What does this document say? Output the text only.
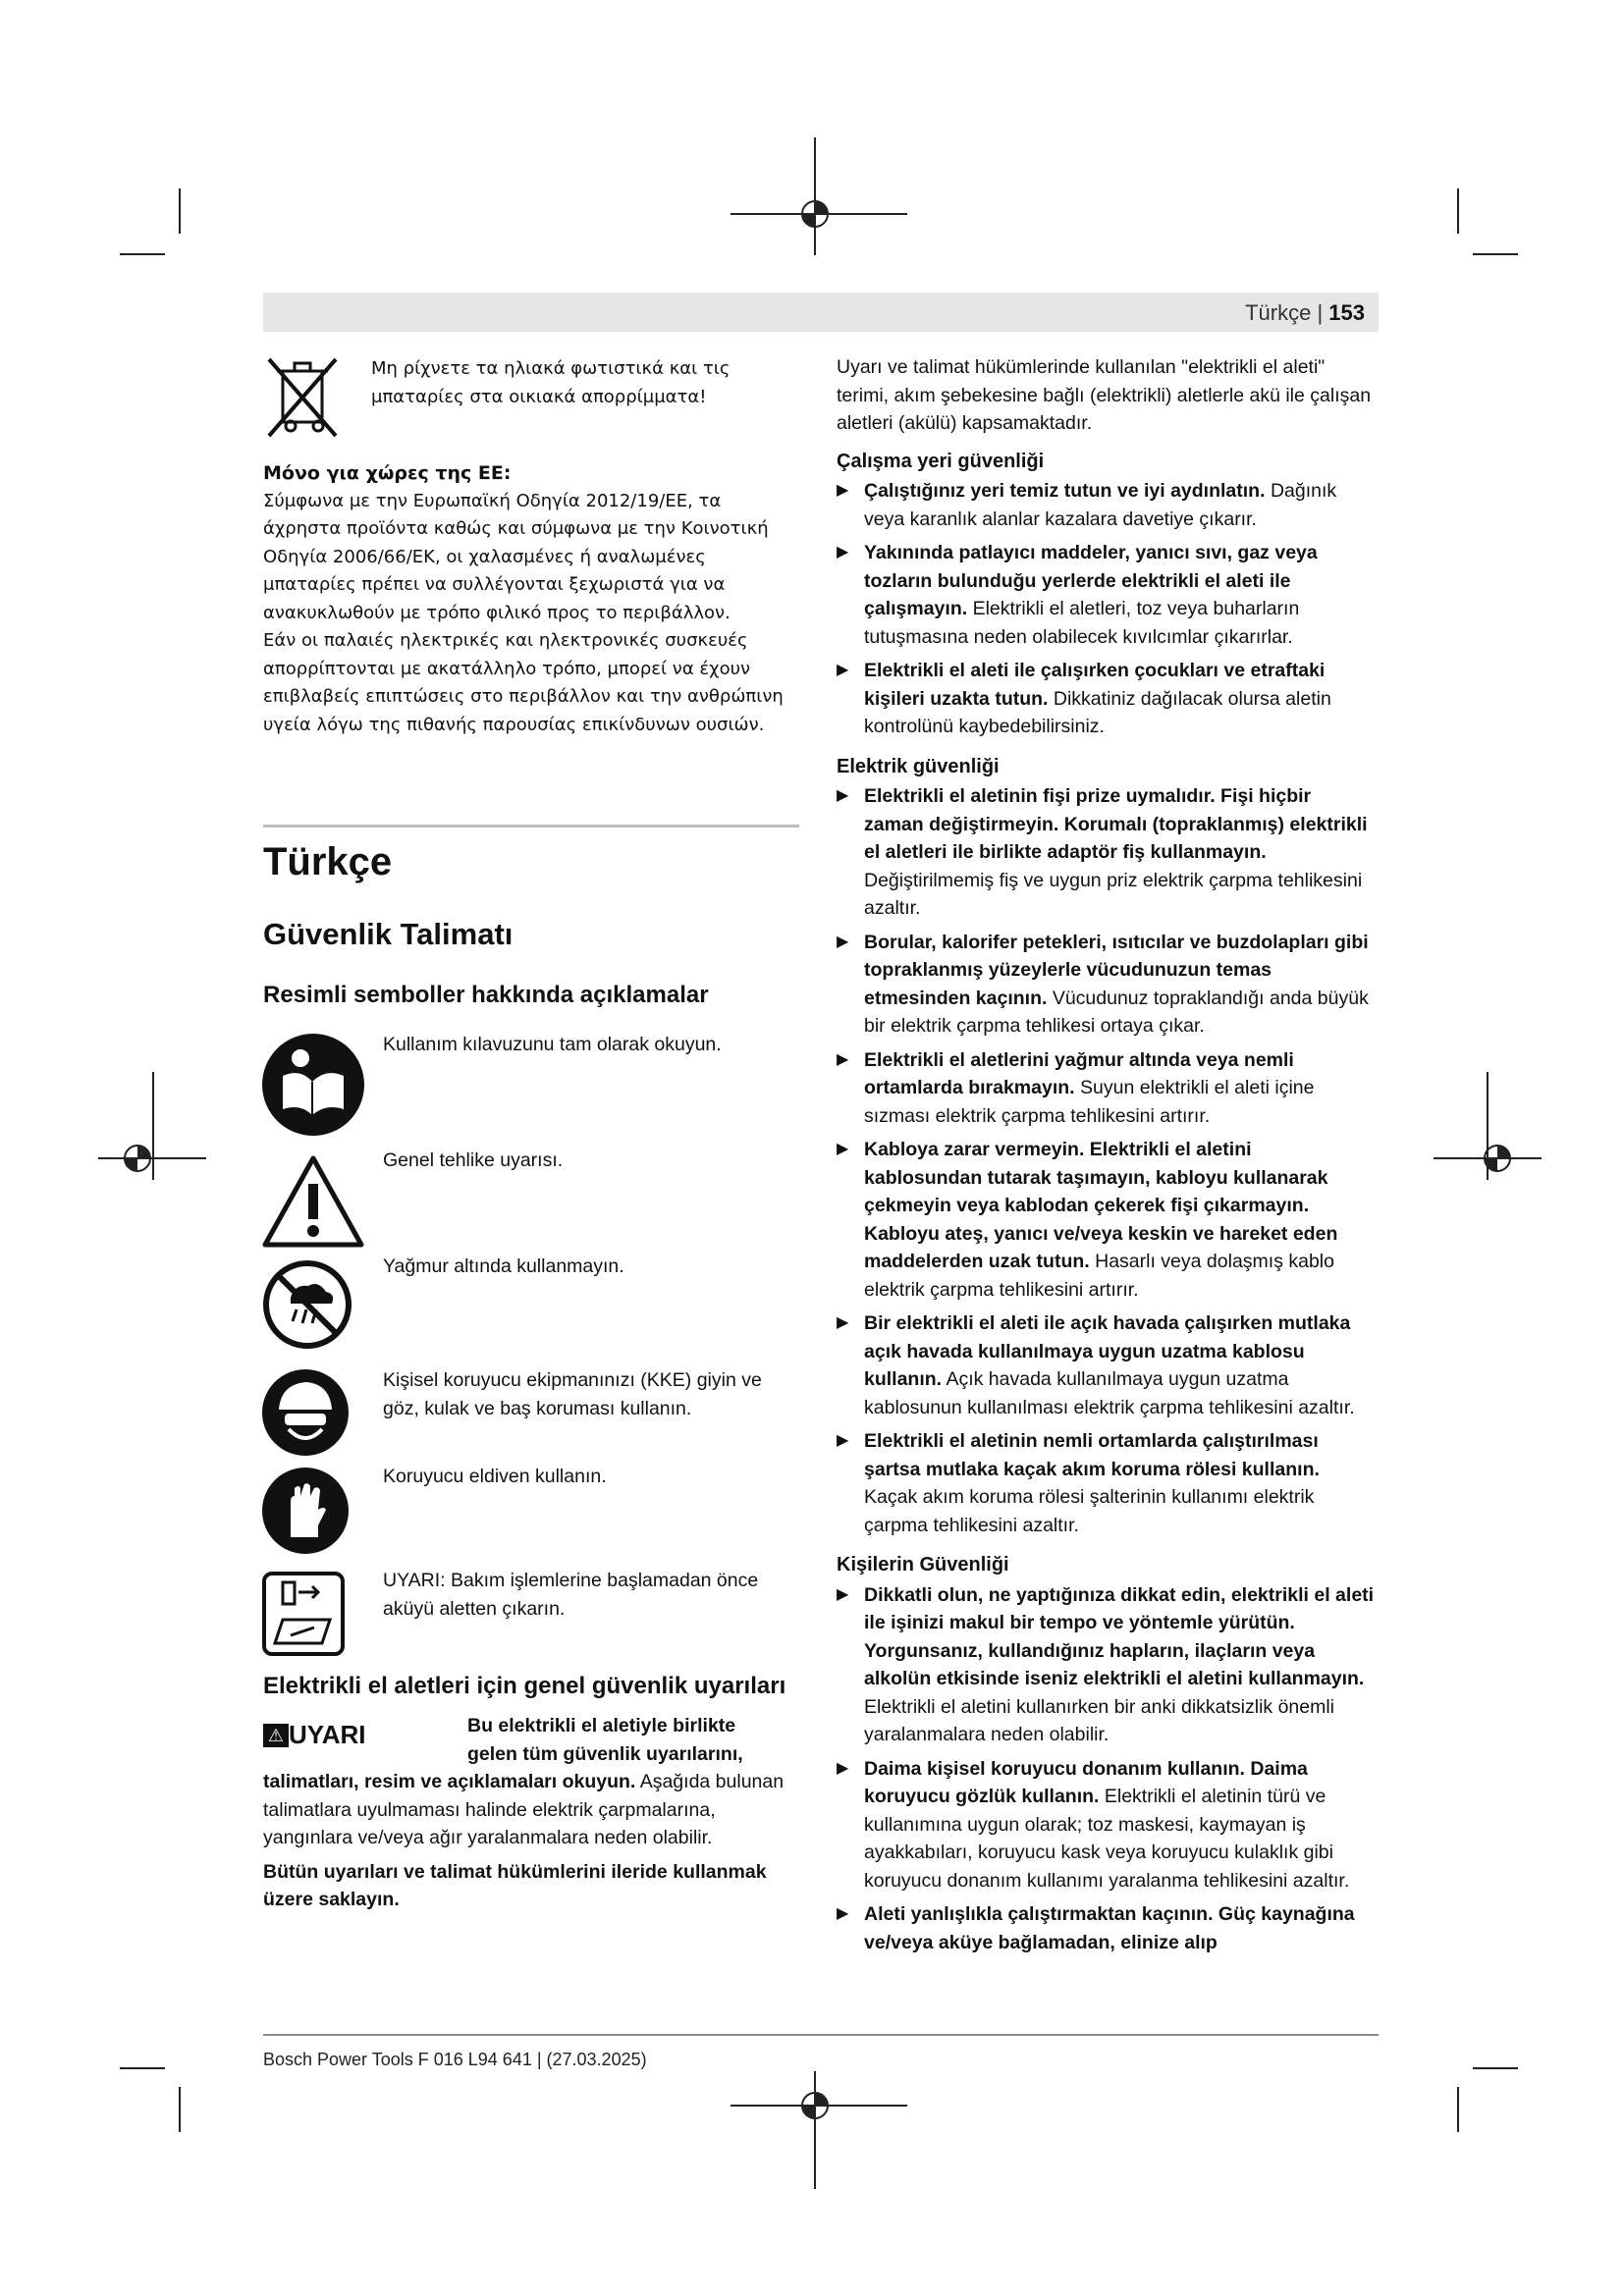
Türkçe | 153

Μη ρίχνετε τα ηλιακά φωτιστικά και τις μπαταρίες στα οικιακά απορρίμματα!

Μόνο για χώρες της ΕΕ:

Σύμφωνα με την Ευρωπαϊκή Οδηγία 2012/19/ΕΕ, τα άχρηστα προϊόντα καθώς και σύμφωνα με την Κοινοτική Οδηγία 2006/66/ΕΚ, οι χαλασμένες ή αναλωμένες μπαταρίες πρέπει να συλλέγονται ξεχωριστά για να ανακυκλωθούν με τρόπο φιλικό προς το περιβάλλον.

Εάν οι παλαιές ηλεκτρικές και ηλεκτρονικές συσκευές απορρίπτονται με ακατάλληλο τρόπο, μπορεί να έχουν επιβλαβείς επιπτώσεις στο περιβάλλον και την ανθρώπινη υγεία λόγω της πιθανής παρουσίας επικίνδυνων ουσιών.

Türkçe
Güvenlik Talimatı
Resimli semboller hakkında açıklamalar
Kullanım kılavuzunu tam olarak okuyun.
Genel tehlike uyarısı.
Yağmur altında kullanmayın.
Kişisel koruyucu ekipmanınızı (KKE) giyin ve göz, kulak ve baş koruması kullanın.
Koruyucu eldiven kullanın.
UYARI: Bakım işlemlerine başlamadan önce aküyü aletten çıkarın.
Elektrikli el aletleri için genel güvenlik uyarıları
⚠ UYARI	Bu elektrikli el aletiyle birlikte gelen tüm güvenlik uyarılarını,

talimatları, resim ve açıklamaları okuyun. Aşağıda bulunan talimatlara uyulmaması halinde elektrik çarpmalarına, yangınlara ve/veya ağır yaralanmalara neden olabilir.

Bütün uyarıları ve talimat hükümlerini ileride kullanmak üzere saklayın.

Uyarı ve talimat hükümlerinde kullanılan "elektrikli el aleti" terimi, akım şebekesine bağlı (elektrikli) aletlerle akü ile çalışan aletleri (akülü) kapsamaktadır.

Çalışma yeri güvenliği

▶ Çalıştığınız yeri temiz tutun ve iyi aydınlatın. Dağınık veya karanlık alanlar kazalara davetiye çıkarır.
▶ Yakınında patlayıcı maddeler, yanıcı sıvı, gaz veya tozların bulunduğu yerlerde elektrikli el aleti ile çalışmayın. Elektrikli el aletleri, toz veya buharların tutuşmasına neden olabilecek kıvılcımlar çıkarırlar.
▶ Elektrikli el aleti ile çalışırken çocukları ve etraftaki kişileri uzakta tutun. Dikkatiniz dağılacak olursa aletin kontrolünü kaybedebilirsiniz.

Elektrik güvenliği

▶ Elektrikli el aletinin fişi prize uymalıdır. Fişi hiçbir zaman değiştirmeyin. Korumalı (topraklanmış) elektrikli el aletleri ile birlikte adaptör fiş kullanmayın. Değiştirilmemiş fiş ve uygun priz elektrik çarpma tehlikesini azaltır.
▶ Borular, kalorifer petekleri, ısıtıcılar ve buzdolapları gibi topraklanmış yüzeylerle vücudunuzun temas etmesinden kaçının. Vücudunuz topraklandığı anda büyük bir elektrik çarpma tehlikesi ortaya çıkar.
▶ Elektrikli el aletlerini yağmur altında veya nemli ortamlarda bırakmayın. Suyun elektrikli el aleti içine sızması elektrik çarpma tehlikesini artırır.
▶ Kabloya zarar vermeyin. Elektrikli el aletini kablosundan tutarak taşımayın, kabloyu kullanarak çekmeyin veya kablodan çekerek fişi çıkarmayın. Kabloyu ateş, yanıcı ve/veya keskin ve hareket eden maddelerden uzak tutun. Hasarlı veya dolaşmış kablo elektrik çarpma tehlikesini artırır.
▶ Bir elektrikli el aleti ile açık havada çalışırken mutlaka açık havada kullanılmaya uygun uzatma kablosu kullanın. Açık havada kullanılmaya uygun uzatma kablosunun kullanılması elektrik çarpma tehlikesini azaltır.
▶ Elektrikli el aletinin nemli ortamlarda çalıştırılması şartsa mutlaka kaçak akım koruma rölesi kullanın. Kaçak akım koruma rölesi şalterinin kullanımı elektrik çarpma tehlikesini azaltır.

Kişilerin Güvenliği

▶ Dikkatli olun, ne yaptığınıza dikkat edin, elektrikli el aleti ile işinizi makul bir tempo ve yöntemle yürütün. Yorgunsanız, kullandığınız hapların, ilaçların veya alkolün etkisinde iseniz elektrikli el aletini kullanmayın. Elektrikli el aletini kullanırken bir anki dikkatsizlik önemli yaralanmalara neden olabilir.
▶ Daima kişisel koruyucu donanım kullanın. Daima koruyucu gözlük kullanın. Elektrikli el aletinin türü ve kullanımına uygun olarak; toz maskesi, kaymayan iş ayakkabıları, koruyucu kask veya koruyucu kulaklık gibi koruyucu donanım kullanımı yaralanma tehlikesini azaltır.
▶ Aleti yanlışlıkla çalıştırmaktan kaçının. Güç kaynağına ve/veya aküye bağlamadan, elinize alıp
Bosch Power Tools F 016 L94 641 | (27.03.2025)
